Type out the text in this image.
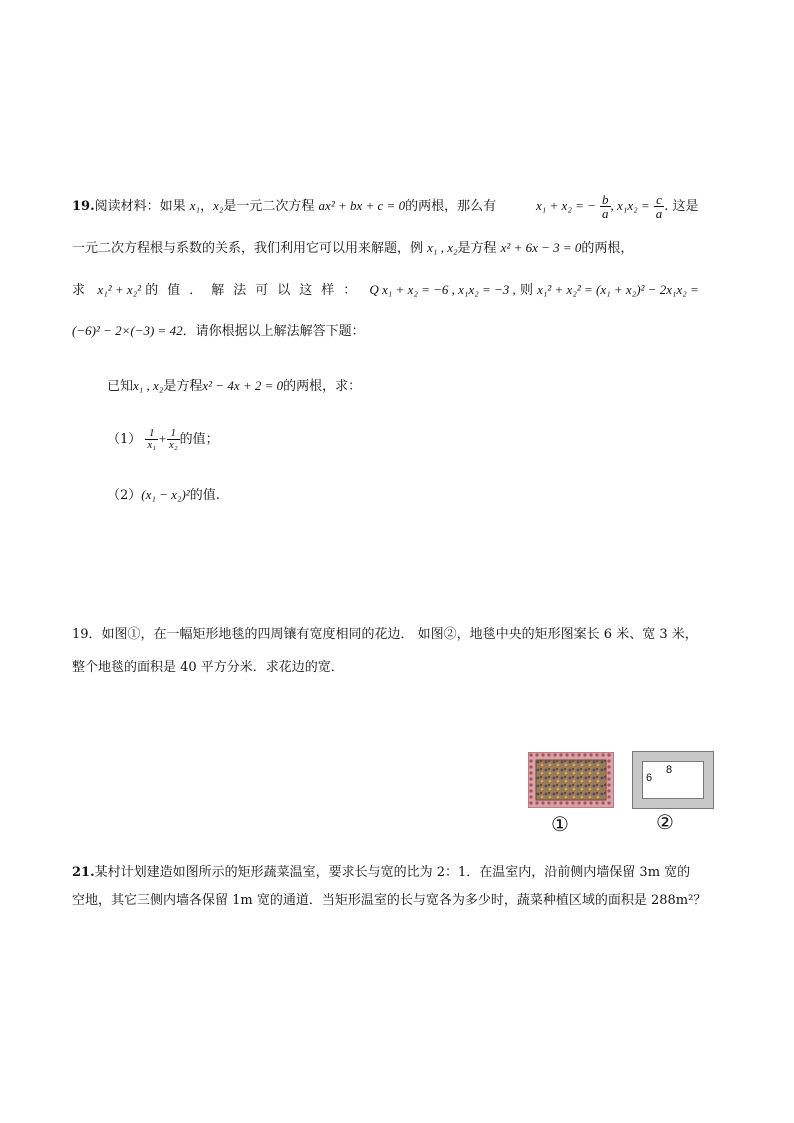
19.阅读材料：如果 x₁，x₂是一元二次方程 ax² + bx + c = 0的两根，那么有	x₁ + x₂ = − $\frac{b}{a}$ , $x_1x_2 = \frac{c}{a}$ . 这是
一元二次方程根与系数的关系，我们利用它可以用来解题，例 x₁ , x₂是方程 x² + 6x − 3 = 0的两根，
求 x₁² + x₂² 的值．解法可以这样： Q x₁ + x₂ = −6 , x₁x₂ = −3 , 则 x₁² + x₂² = (x₁ + x₂)² − 2x₁x₂ =
(−6)² − 2×(−3) = 42．请你根据以上解法解答下题：
已知x₁ , x₂是方程x² − 4x + 2 = 0的两根，求：
$(1) \frac{1}{\text{x₁}} + \frac{1}{\text{x₂}}$ 的值；
（2）(x₁ − x₂)²的值.
19．如图①，在一幅矩形地毯的四周镶有宽度相同的花边． 如图②，地毯中央的矩形图案长 6 米、宽 3 米，
整个地毯的面积是 40 平方分米．求花边的宽．
①
6
8
②
21.某村计划建造如图所示的矩形蔬菜温室，要求长与宽的比为 2：1．在温室内，沿前侧内墙保留 3m 宽的
空地，其它三侧内墙各保留 1m 宽的通道．当矩形温室的长与宽各为多少时，蔬菜种植区域的面积是 288m²？
